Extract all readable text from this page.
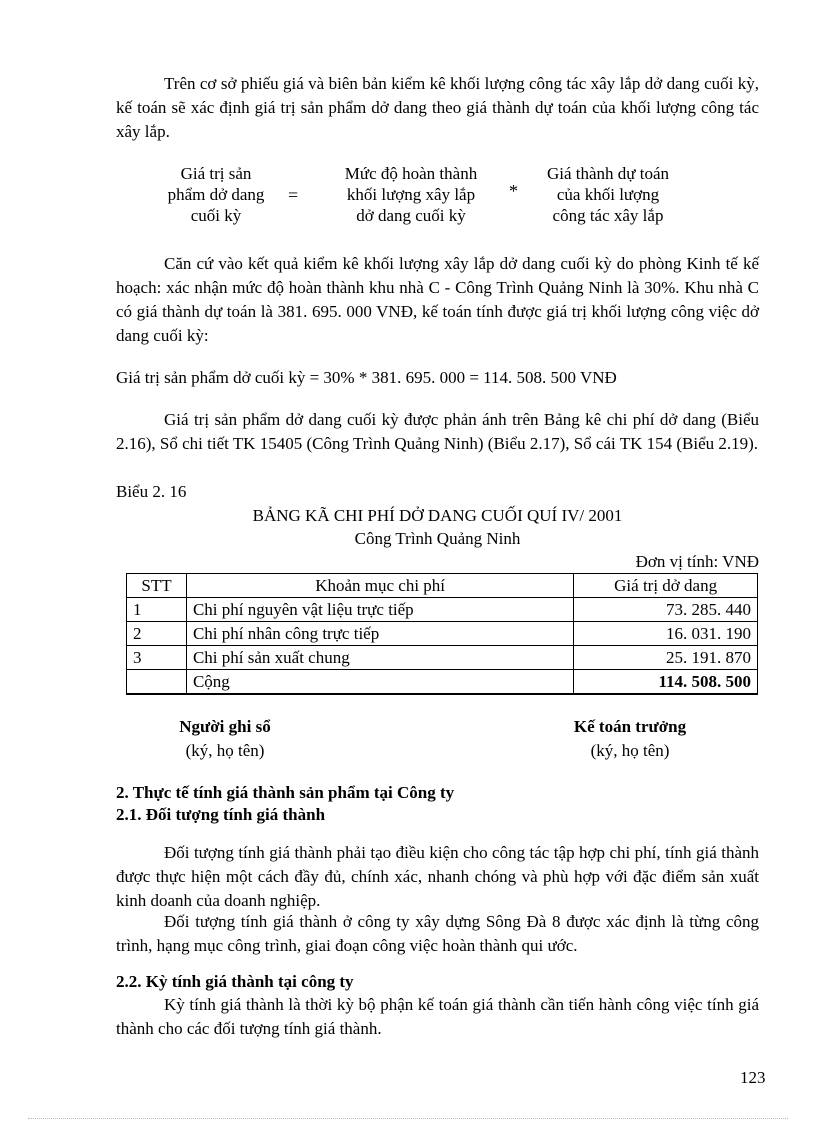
Trên cơ sở phiếu giá và biên bản kiểm kê khối lượng công tác xây lắp dở dang cuối kỳ, kế toán sẽ xác định giá trị sản phẩm dở dang theo giá thành dự toán của khối lượng công tác xây lắp.

Giá trị sản
phẩm dở dang
cuối kỳ
=
Mức độ hoàn thành
khối lượng xây lắp
dở dang cuối kỳ
*
Giá thành dự toán
của khối lượng
công tác xây lắp

Căn cứ vào kết quả kiểm kê khối lượng xây lắp dở dang cuối kỳ do phòng Kinh tế kế hoạch: xác nhận mức độ hoàn thành khu nhà C - Công Trình Quảng Ninh là 30%. Khu nhà C có giá thành dự toán là 381. 695. 000 VNĐ, kế toán tính được giá trị khối lượng công việc dở dang cuối kỳ:

Giá trị sản phẩm dở cuối kỳ = 30% * 381. 695. 000 = 114. 508. 500 VNĐ

Giá trị sản phẩm dở dang cuối kỳ được phản ánh trên Bảng kê chi phí dở dang (Biểu 2.16), Sổ chi tiết TK 15405 (Công Trình Quảng Ninh) (Biểu 2.17), Sổ cái TK 154 (Biểu 2.19).

Biểu 2. 16

BẢNG KÃ CHI PHÍ DỞ DANG CUỐI QUÍ IV/ 2001

Công Trình Quảng Ninh

Đơn vị tính: VNĐ

STT	Khoản mục chi phí	Giá trị dở dang
1	Chi phí nguyên vật liệu trực tiếp	73. 285. 440
2	Chi phí nhân công trực tiếp	16. 031. 190
3	Chi phí sản xuất chung	25. 191. 870
	Cộng	114. 508. 500
Người ghi sổ
(ký, họ tên)
Kế toán trưởng
(ký, họ tên)

2. Thực tế tính giá thành sản phẩm tại Công ty

2.1. Đối tượng tính giá thành

Đối tượng tính giá thành phải tạo điều kiện cho công tác tập hợp chi phí, tính giá thành được thực hiện một cách đầy đủ, chính xác, nhanh chóng và phù hợp với đặc điểm sản xuất kinh doanh của doanh nghiệp.

Đối tượng tính giá thành ở công ty xây dựng Sông Đà 8 được xác định là từng công trình, hạng mục công trình, giai đoạn công việc hoàn thành qui ước.

2.2. Kỳ tính giá thành tại công ty

Kỳ tính giá thành là thời kỳ bộ phận kế toán giá thành cần tiến hành công việc tính giá thành cho các đối tượng tính giá thành.

123
